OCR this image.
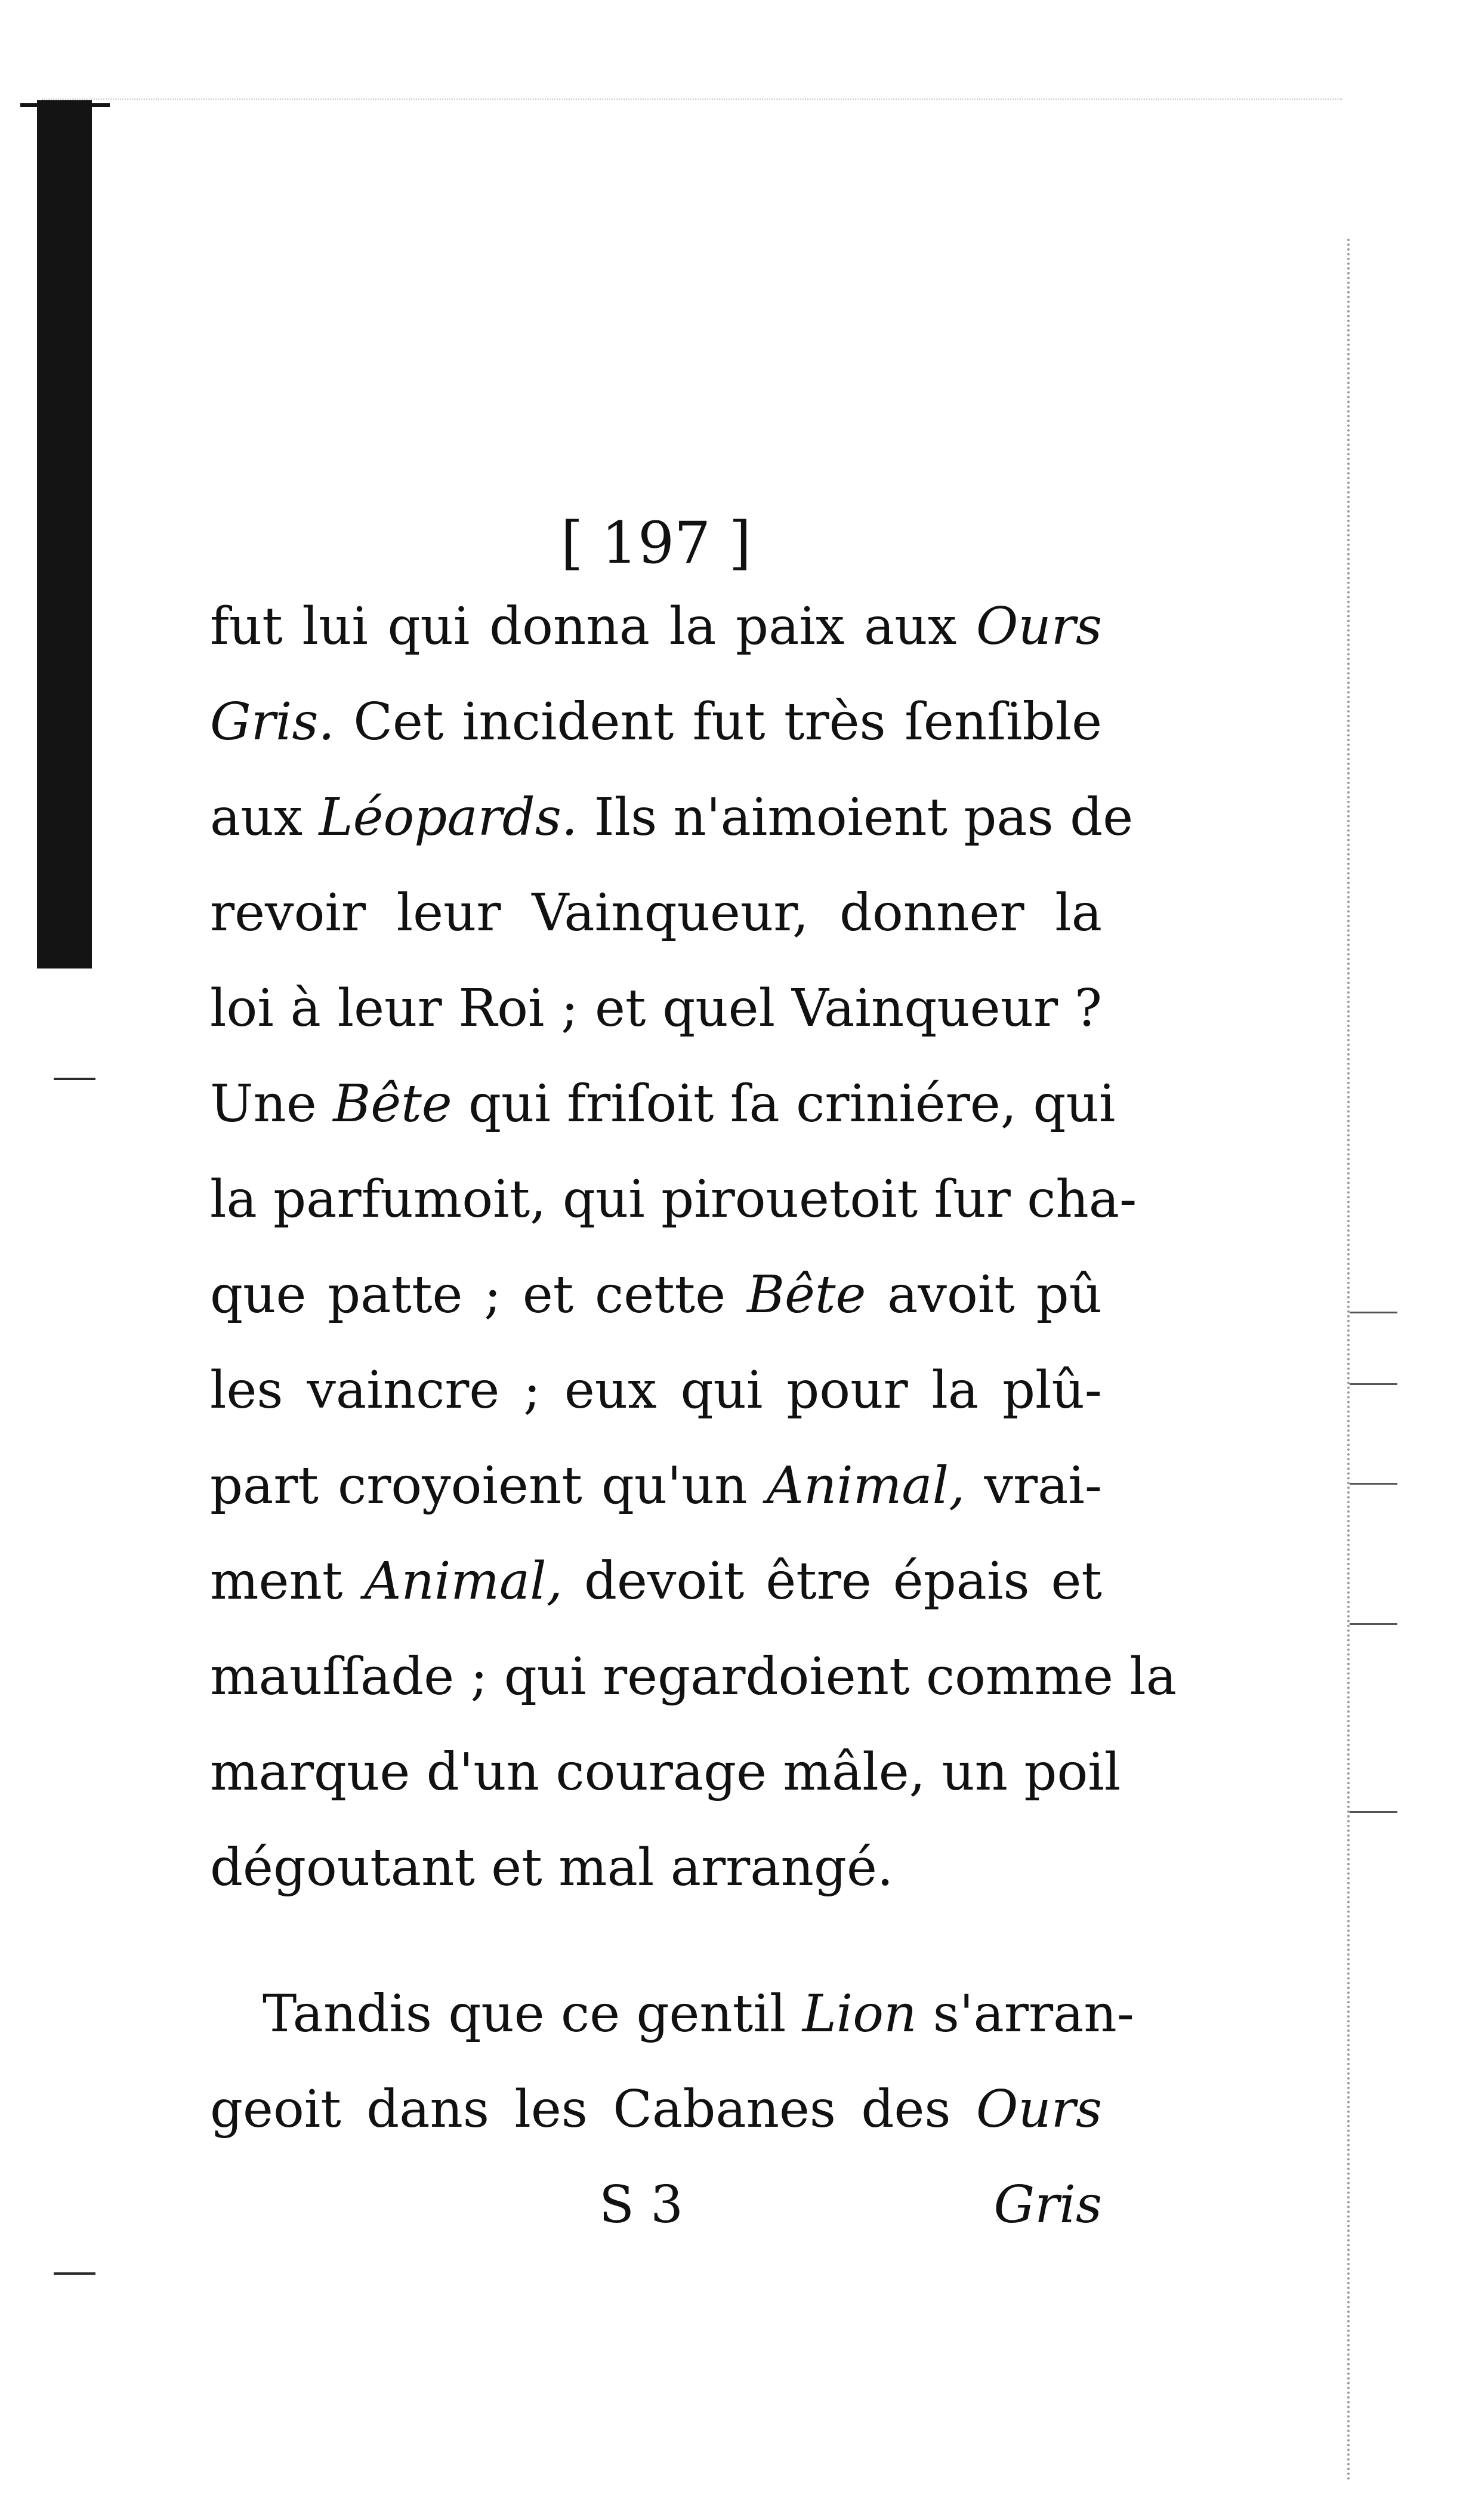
[ 197 ]
fut lui qui donna la paix aux Ours
Gris. Cet incident fut très ſenſible
aux Léopards. Ils n'aimoient pas de
revoir leur Vainqueur, donner la
loi à leur Roi ; et quel Vainqueur ?
Une Bête qui friſoit ſa criniére, qui
la parfumoit, qui pirouetoit ſur cha-
que patte ; et cette Bête avoit pû
les vaincre ; eux qui pour la plû-
part croyoient qu'un Animal, vrai-
ment Animal, devoit être épais et
mauſſade ; qui regardoient comme la
marque d'un courage mâle, un poil
dégoutant et mal arrangé.
Tandis que ce gentil Lion s'arran-
geoit dans les Cabanes des Ours
S 3	Gris
